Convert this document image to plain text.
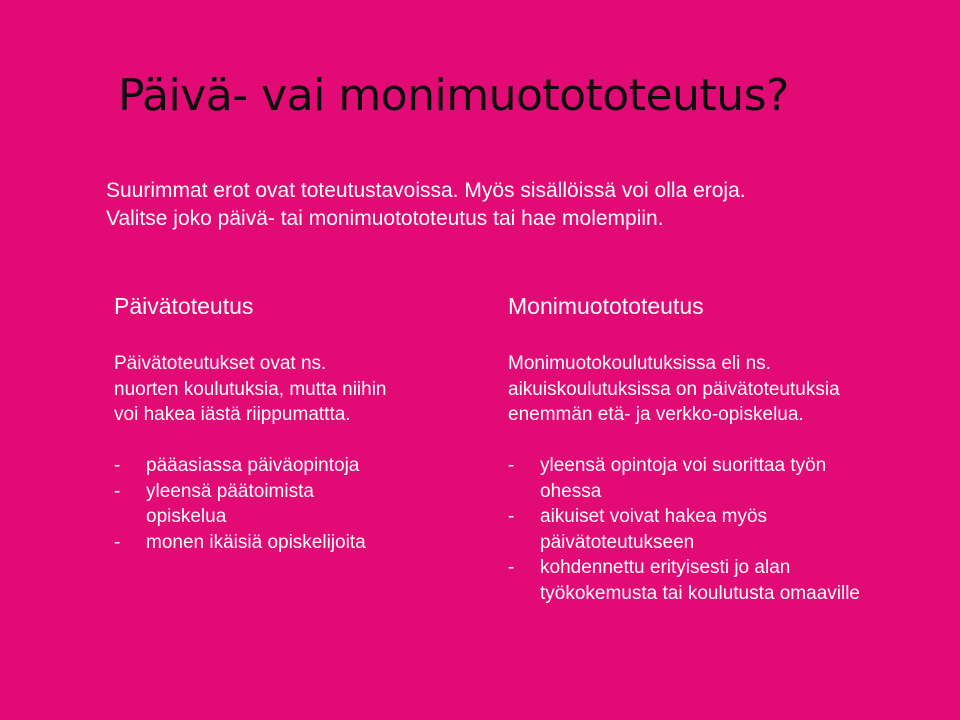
Päivä- vai monimuotototeutus?
Suurimmat erot ovat toteutustavoissa. Myös sisällöissä voi olla eroja.
Valitse joko päivä- tai monimuotototeutus tai hae molempiin.
Päivätoteutus
Päivätoteutukset ovat ns.
nuorten koulutuksia, mutta niihin
voi hakea iästä riippumattta.
- pääasiassa päiväopintoja
- yleensä päätoimista
opiskelua
- monen ikäisiä opiskelijoita
Monimuotototeutus
Monimuotokoulutuksissa eli ns.
aikuiskoulutuksissa on päivätoteutuksia
enemmän etä- ja verkko-opiskelua.
- yleensä opintoja voi suorittaa työn
ohessa
- aikuiset voivat hakea myös
päivätoteutukseen
- kohdennettu erityisesti jo alan
työkokemusta tai koulutusta omaaville
